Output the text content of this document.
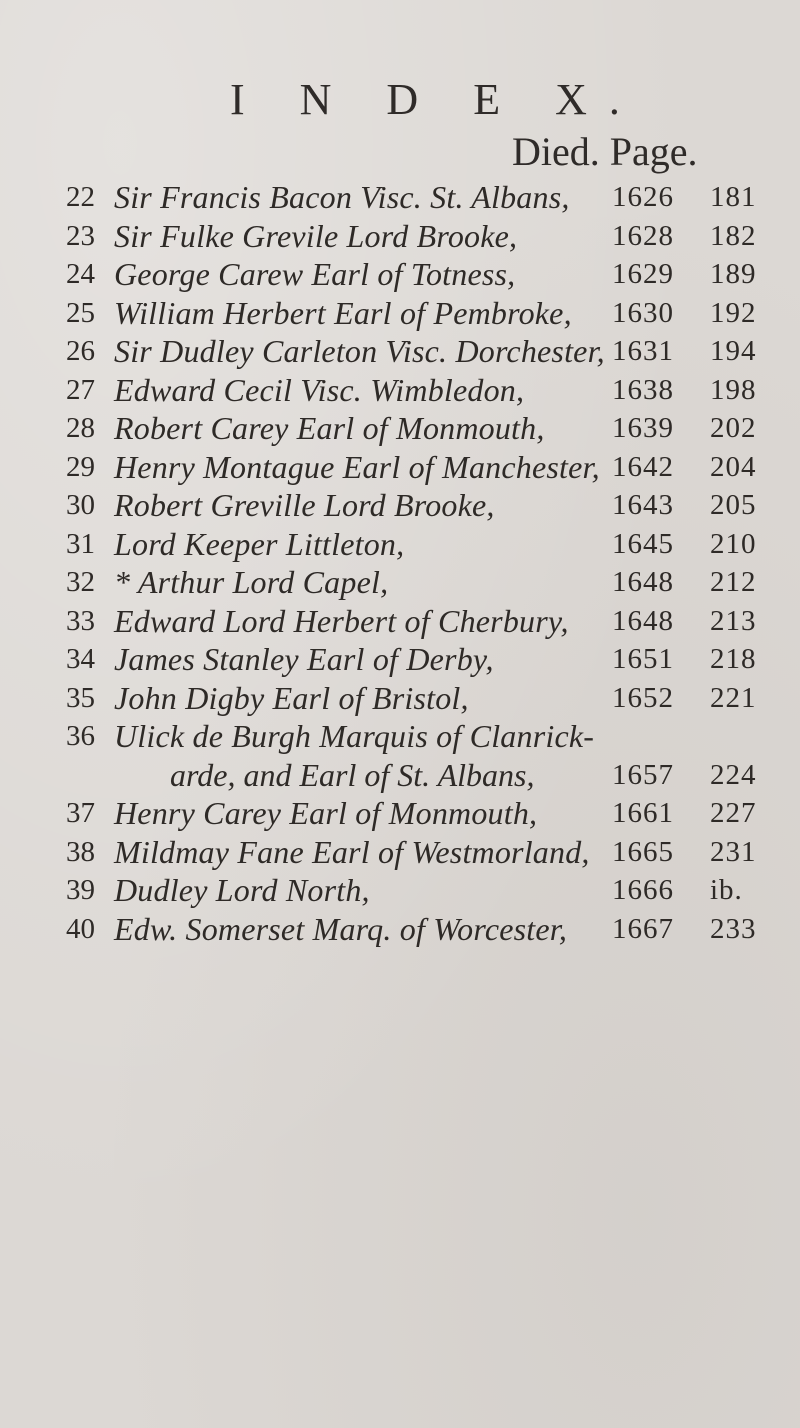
I N D E X.
Died. Page.
22 Sir Francis Bacon Visc. St. Albans, 1626 181
23 Sir Fulke Grevile Lord Brooke,	1628 182
24 George Carew Earl of Totness,	1629 189
25 William Herbert Earl of Pembroke, 1630 192
26 Sir Dudley Carleton Visc. Dorchester, 1631 194
27 Edward Cecil Visc. Wimbledon,	1638 198
28 Robert Carey Earl of Monmouth, 1639 202
29 Henry Montague Earl of Manchester, 1642 204
30 Robert Greville Lord Brooke,	1643 205
31 Lord Keeper Littleton,	1645 210
32 * Arthur Lord Capel,	1648 212
33 Edward Lord Herbert of Cherbury, 1648 213
34 James Stanley Earl of Derby,	1651 218
35 John Digby Earl of Bristol,	1652 221
36 Ulick de Burgh Marquis of Clanrick-
arde, and Earl of St. Albans,	1657 224
37 Henry Carey Earl of Monmouth,	1661 227
38 Mildmay Fane Earl of Westmorland, 1665 231
39 Dudley Lord North,	1666 ib.
40 Edw. Somerset Marq. of Worcester, 1667 233
